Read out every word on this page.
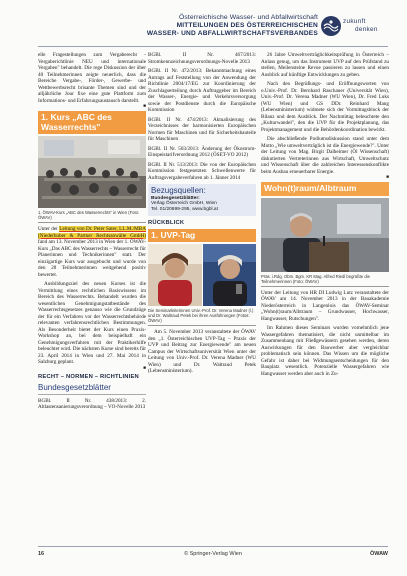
Österreichische Wasser- und Abfallwirtschaft
MITTEILUNGEN DES ÖSTERREICHISCHEN
WASSER- UND ABFALLWIRTSCHAFTSVERBANDES
zukunft
denken

elle Fragestellungen zum Vergaberecht - Vergaberichtlinie NEU und internationale Vergaben" behandelt. Die rege Diskussion der über 40 Teilnehmerinnen zeigte neuerlich, dass die Bereiche Vergabe-, Förder-, Gewerbe- und Wettbewerbsrecht brisante Themen sind und der alljährliche Jour fixe eine gute Plattform zum Informations- und Erfahrungsaustausch darstellt.

■
1. Kurs „ABC des Wasserrechts"
1. ÖWAV-Kurs „ABC des Wasserrechts" in Wien (Foto: ÖWAV)

Unter der Leitung von Dr. Peter Sater, LL.M./MBA (Niederhuber & Partner Rechtsanwälte GmbH) fand am 13. November 2013 in Wien der 1. ÖWAV-Kurs „Das ABC des Wasserrechts – Wasserrecht für Planerinnen und Technikerinnen" statt. Der einzigartige Kurs war ausgebucht und wurde von den 28 Teilnehmerinnen weitgehend positiv bewertet.

Ausbildungsziel des neuen Kurses ist die Vermittlung eines rechtlichen Basiswissens im Bereich des Wasserrechts. Behandelt wurden die wesentlichen Genehmigungstatbestände des Wasserrechtsgesetzes genauso wie die Grundzüge der für ein Verfahren vor der Wasserrechtsbehörde relevanten verfahrensrechtlichen Bestimmungen. Als Besonderheit bietet der Kurs einen Praxis-Workshop an, bei dem beispielhaft ein Genehmigungsverfahren mit der Praktikerhilfe beleuchtet wird. Die nächsten Kurse sind bereits für 23. April 2014 in Wien und 27. Mai 2014 in Salzburg geplant.

■
RECHT – NORMEN – RICHTLINIEN
Bundesgesetzblätter

BGBl. II Nr. 438/2013: 2. Altlastensanierungsverordnung – VO-Novelle 2013

BGBl. II Nr. 467/2013: Stromkennzeichnungsverordnungs-Novelle 2013

BGBl. II Nr. 472/2013: Bekanntmachung eines Antrags auf Feststellung von der Anwendung der Richtlinie 2004/17/EG zur Koordinierung der Zuschlagserteilung durch Auftraggeber im Bereich der Wasser-, Energie- und Verkehrsversorgung sowie der Postdienste durch die Europäische Kommission

BGBl. II Nr. 474/2013: Aktualisierung des Verzeichnisses der harmonisierten Europäischen Normen für Maschinen und für Sicherheitsbauteile für Maschinen

BGBl. II Nr. 503/2013: Änderung der Ökostrom-Einspeistarifverordnung 2012 (ÖSET-VO 2012)

BGBl. II Nr. 513/2013: Die von der Europäischen Kommission festgesetzten Schwellenwerte für Auftragsvergabeverfahren ab 1. Jänner 2014

Bezugsquellen:
Bundesgesetzblätter:
Verlag Österreich GmbH, Wien
Tel. 01/20699-295, www.bgbl.at
RÜCKBLICK
1. UVP-Tag
Die Seminarleiterinnen Univ.-Prof. Dr. Verena Madner (l.) und Dr. Waltraud Petek bei ihren Ausführungen (Fotos: ÖWAV)

Am 5. November 2013 veranstaltete der ÖWAV den „1. Österreichischen UVP-Tag – Praxis der UVP und Beitrag zur Energiewende" am neuen Campus der Wirtschaftsuniversität Wien unter der Leitung von Univ.-Prof. Dr. Verena Madner (WU Wien) und Dr. Waltraud Petek (Lebensministerium).

26 Jahre Umweltverträglichkeitsprüfung in Österreich – Anlass genug, um das Instrument UVP auf den Prüfstand zu stellen, Meilensteine Revue passieren zu lassen und einen Ausblick auf künftige Entwicklungen zu geben.

Nach den Begrüßungs- und Eröffnungsworten von o.Univ.-Prof. Dr. Bernhard Raschauer (Universität Wien), Univ.-Prof. Dr. Verena Madner (WU Wien), Dr. Fred Luks (WU Wien) und GS DDr. Reinhard Mang (Lebensministerium) widmete sich der Vormittagsblock der Bilanz und dem Ausblick. Der Nachmittag beleuchtete den „Kulturwandel", den die UVP für die Projektplanung, das Projektmanagement und die Behördenkoordination bewirkt.

Die abschließende Podiumsdiskussion stand unter dem Motto „Wie umweltverträglich ist die Energiewende?". Unter der Leitung von Mag. Birgit Dalheimer (Öl Wissenschaft) diskutierten Vertreterinnen aus Wirtschaft, Umweltschutz und Wissenschaft über die zahlreichen Interessenskonflikte beim Ausbau erneuerbarer Energie.

■
Wohn(t)raum/Albtraum
Präs. i.Rdg. Obm. Bgm. KR Mag. Alfred Riedl begrüßte die Teilnehmerinnen (Foto: ÖWAV)

Unter der Leitung von HR DI Ludwig Lutz veranstaltete der ÖWAV am 14. November 2013 in der Bauakademie Niederösterreich in Langenlois das ÖWAV-Seminar „Wohn(t)raum/Albtraum – Grundwasser, Hochwasser, Hangwasser, Rutschungen".

Im Rahmen dieses Seminars wurden vornehmlich jene Wassergefahren thematisiert, die nicht unmittelbar im Zusammenhang mit Fließgewässern gesehen werden, deren Auswirkungen für den Bauwerber aber vergleichbar problematisch sein können. Das Wissen um die mögliche Gefahr ist daher bei Widmungsentscheidungen für den Bauplatz wesentlich. Potenzielle Wassergefahren wie Hangwasser werden aber auch in Zu-

16	© Springer-Verlag Wien	ÖWAW
